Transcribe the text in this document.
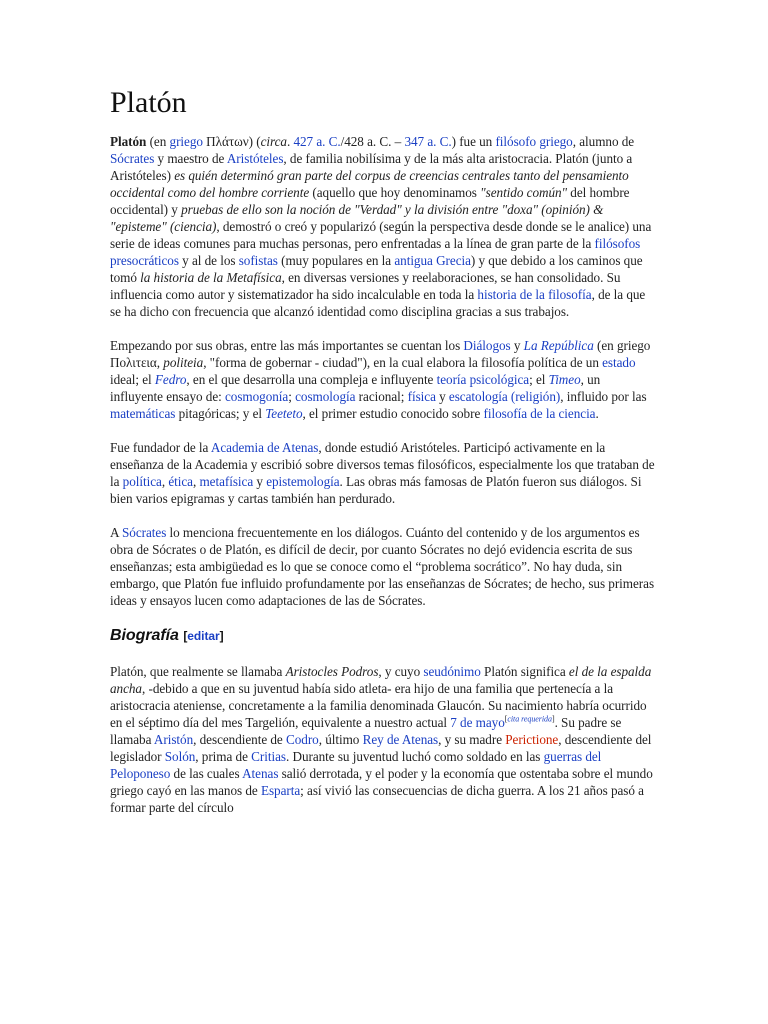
Platón

Platón (en griego Πλάτων) (circa. 427 a. C./428 a. C. – 347 a. C.) fue un filósofo griego, alumno de Sócrates y maestro de Aristóteles, de familia nobilísima y de la más alta aristocracia. Platón (junto a Aristóteles) es quién determinó gran parte del corpus de creencias centrales tanto del pensamiento occidental como del hombre corriente (aquello que hoy denominamos "sentido común" del hombre occidental) y pruebas de ello son la noción de "Verdad" y la división entre "doxa" (opinión) & "episteme" (ciencia), demostró o creó y popularizó (según la perspectiva desde donde se le analice) una serie de ideas comunes para muchas personas, pero enfrentadas a la línea de gran parte de la filósofos presocráticos y al de los sofistas (muy populares en la antigua Grecia) y que debido a los caminos que tomó la historia de la Metafísica, en diversas versiones y reelaboraciones, se han consolidado. Su influencia como autor y sistematizador ha sido incalculable en toda la historia de la filosofía, de la que se ha dicho con frecuencia que alcanzó identidad como disciplina gracias a sus trabajos.

Empezando por sus obras, entre las más importantes se cuentan los Diálogos y La República (en griego Πολιτεια, politeia, "forma de gobernar - ciudad"), en la cual elabora la filosofía política de un estado ideal; el Fedro, en el que desarrolla una compleja e influyente teoría psicológica; el Timeo, un influyente ensayo de: cosmogonía; cosmología racional; física y escatología (religión), influido por las matemáticas pitagóricas; y el Teeteto, el primer estudio conocido sobre filosofía de la ciencia.

Fue fundador de la Academia de Atenas, donde estudió Aristóteles. Participó activamente en la enseñanza de la Academia y escribió sobre diversos temas filosóficos, especialmente los que trataban de la política, ética, metafísica y epistemología. Las obras más famosas de Platón fueron sus diálogos. Si bien varios epigramas y cartas también han perdurado.

A Sócrates lo menciona frecuentemente en los diálogos. Cuánto del contenido y de los argumentos es obra de Sócrates o de Platón, es difícil de decir, por cuanto Sócrates no dejó evidencia escrita de sus enseñanzas; esta ambigüedad es lo que se conoce como el “problema socrático”. No hay duda, sin embargo, que Platón fue influido profundamente por las enseñanzas de Sócrates; de hecho, sus primeras ideas y ensayos lucen como adaptaciones de las de Sócrates.

Biografía [editar]

Platón, que realmente se llamaba Aristocles Podros, y cuyo seudónimo Platón significa el de la espalda ancha, -debido a que en su juventud había sido atleta- era hijo de una familia que pertenecía a la aristocracia ateniense, concretamente a la familia denominada Glaucón. Su nacimiento habría ocurrido en el séptimo día del mes Targelión, equivalente a nuestro actual 7 de mayo[cita requerida]. Su padre se llamaba Aristón, descendiente de Codro, último Rey de Atenas, y su madre Perictione, descendiente del legislador Solón, prima de Critias. Durante su juventud luchó como soldado en las guerras del Peloponeso de las cuales Atenas salió derrotada, y el poder y la economía que ostentaba sobre el mundo griego cayó en las manos de Esparta; así vivió las consecuencias de dicha guerra. A los 21 años pasó a formar parte del círculo
